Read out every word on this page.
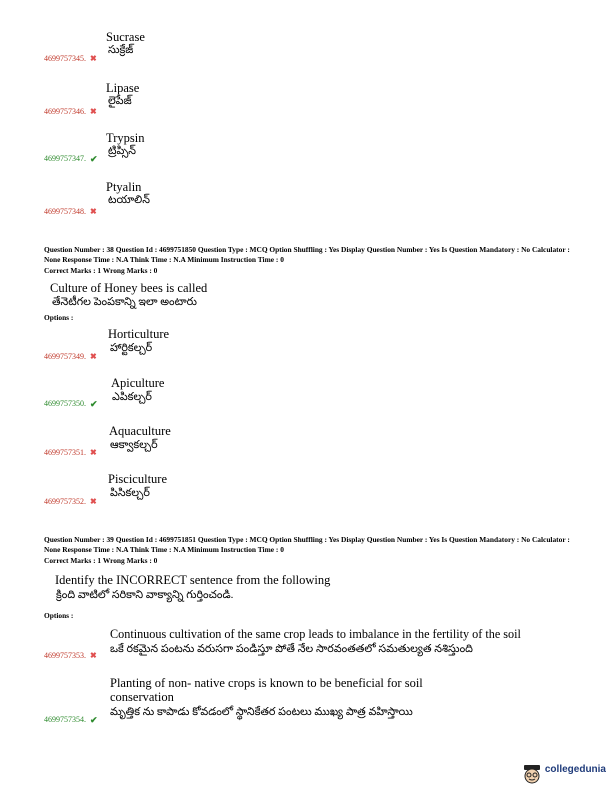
Sucrase
సుక్రేజ్
4699757345. ✖
Lipase
లైపేజ్
4699757346. ✖
Trypsin
ట్రిప్సిన్
4699757347. ✔
Ptyalin
టయాలిన్
4699757348. ✖
Question Number : 38 Question Id : 4699751850 Question Type : MCQ Option Shuffling : Yes Display Question Number : Yes Is Question Mandatory : No Calculator : None Response Time : N.A Think Time : N.A Minimum Instruction Time : 0
Correct Marks : 1 Wrong Marks : 0
Culture of Honey bees is called
తేనెటీగల పెంపకాన్ని ఇలా అంటారు
Options :
Horticulture
హార్టికల్చర్
4699757349. ✖
Apiculture
ఎపికల్చర్
4699757350. ✔
Aquaculture
ఆక్వాకల్చర్
4699757351. ✖
Pisciculture
పిసికల్చర్
4699757352. ✖
Question Number : 39 Question Id : 4699751851 Question Type : MCQ Option Shuffling : Yes Display Question Number : Yes Is Question Mandatory : No Calculator : None Response Time : N.A Think Time : N.A Minimum Instruction Time : 0
Correct Marks : 1 Wrong Marks : 0
Identify the INCORRECT sentence from the following
క్రింది వాటిలో సరికాని వాక్యాన్ని గుర్తించండి.
Options :
Continuous cultivation of the same crop leads to imbalance in the fertility of the soil
ఒకే రకమైన పంటను వరుసగా పండిస్తూ పోతే నేల సారవంతతలో సమతుల్యత నశిస్తుంది
4699757353. ✖
Planting of non- native crops is known to be beneficial for soil conservation
మృత్తిక ను కాపాడు కోవడంలో స్థానికేతర పంటలు ముఖ్య పాత్ర వహిస్తాయి
4699757354. ✔
collegedunia
